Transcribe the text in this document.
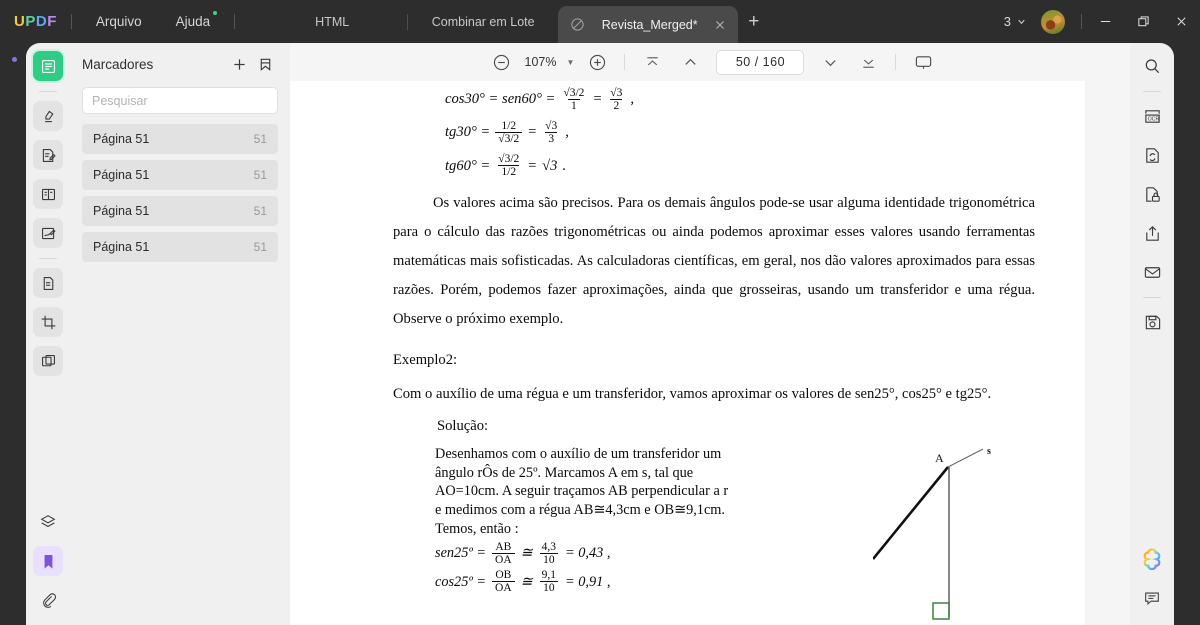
U P D F	Arquivo	Ajuda	HTML	Combinar em Lote	Revista_Merged*	+	3
Marcadores
Pesquisar
Página 51	51
Página 51	51
Página 51	51
Página 51	51
107%	▼	50 / 160
$\cos 30^\circ = sen60^\circ = \frac{√3/2}{1} = \frac{√3}{2}$ ,
$tg30^\circ = \frac{1/2}{√3/2} = \frac{√3}{3}$ ,
$tg60^\circ = \frac{√3/2}{1/2} = √3$ .
Os valores acima são precisos. Para os demais ângulos pode-se usar alguma identidade trigonométrica para o cálculo das razões trigonométricas ou ainda podemos aproximar esses valores usando ferramentas matemáticas mais sofisticadas. As calculadoras científicas, em geral, nos dão valores aproximados para essas razões. Porém, podemos fazer aproximações, ainda que grosseiras, usando um transferidor e uma régua. Observe o próximo exemplo.
Exemplo2:
Com o auxílio de uma régua e um transferidor, vamos aproximar os valores de sen25°, cos25° e tg25°.
Solução:
Desenhamos com o auxílio de um transferidor um ângulo rÔs de 25º. Marcamos A em s, tal que AO=10cm. A seguir traçamos AB perpendicular a r e medimos com a régua AB≅4,3cm e OB≅9,1cm. Temos, então :
sen25º = $\frac{AB}{OA}$ ≅ $\frac{4,3}{10} = 0,43$ ,
cos25º = $\frac{OB}{OA}$ ≅ $\frac{9,1}{10} = 0,91$ ,
A	s
OCR
